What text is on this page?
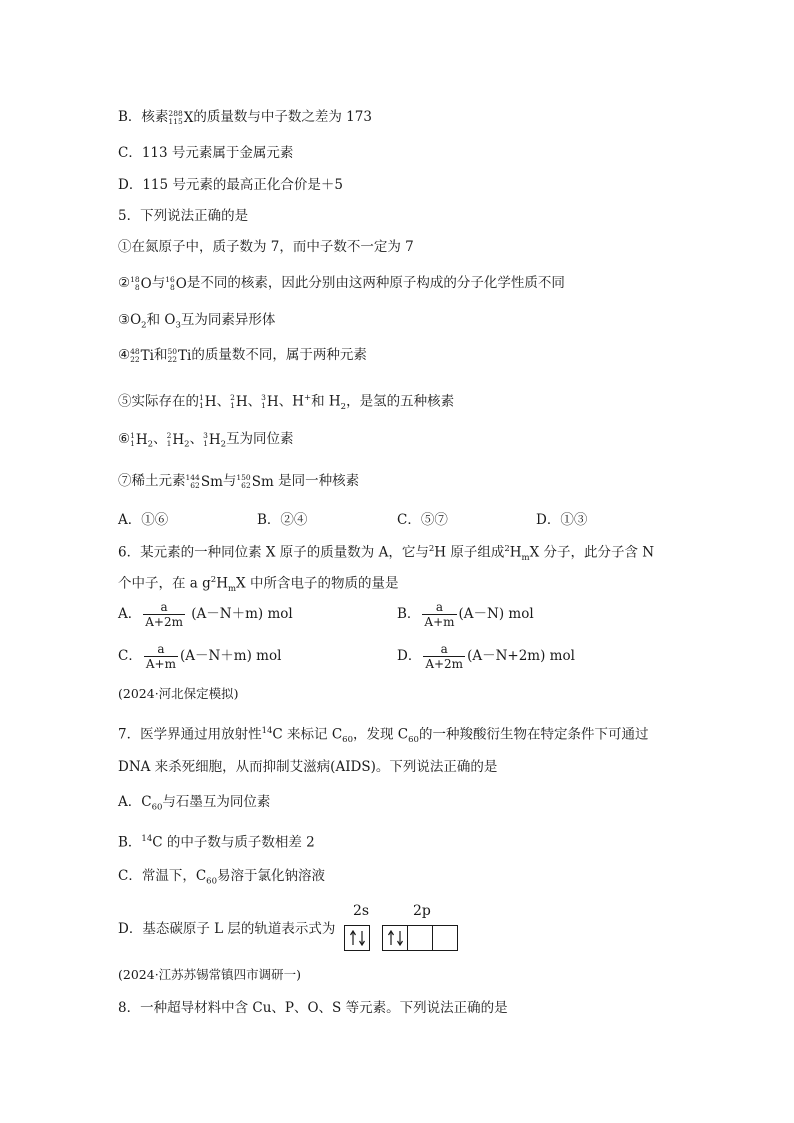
B．核素 288
115 X 的质量数与中子数之差为 173
C．113 号元素属于金属元素
D．115 号元素的最高正化合价是＋5
5．下列说法正确的是
①在氮原子中，质子数为 7，而中子数不一定为 7
② 18
8 O 与 16
8 O 是不同的核素，因此分别由这两种原子构成的分子化学性质不同
$③O_2$和 $O_3$互为同素异形体
④ 48
22 Ti 和 50
22 Ti 的质量数不同，属于两种元素
⑤实际存在的 1
1 H 、 2
1 H 、 3
1 H 、H+和 $H_2$，是氢的五种核素
⑥ 1
1 H $_2$、 2
1 H $_2$、 3
1 H $_2$互为同位素
⑦稀土元素 144
62 Sm 与 150
62 Sm 是同一种核素
A．①⑥	B．②④	C．⑤⑦	D．①③
6．某元素的一种同位素 X 原子的质量数为 A，它与$^2$H 原子组成$^2H_mX$ 分子，此分子含 N
个中子，在 a $g^2H_mX$ 中所含电子的物质的量是
A． $\frac{a}{A+2m} (A-N+m)$ mol	B． $\frac{a}{A+m} (A-N)$ mol
C． $\frac{a}{A+m} (A-N+m)$ mol	D． $\frac{a}{A+2m} (A-N+2m)$ mol
(2024·河北保定模拟)
7．医学界通过用放射性$^{14}$C 来标记 $C_{60}$，发现 $C_{60}$的一种羧酸衍生物在特定条件下可通过
DNA 来杀死细胞，从而抑制艾滋病(AIDS)。下列说法正确的是
A．$C_{60}$与石墨互为同位素
B．$^{14}$C 的中子数与质子数相差 2
C．常温下，$C_{60}$易溶于氯化钠溶液
D．基态碳原子 L 层的轨道表示式为
2s	2p
(2024·江苏苏锡常镇四市调研一)
8．一种超导材料中含 Cu、P、O、S 等元素。下列说法正确的是
